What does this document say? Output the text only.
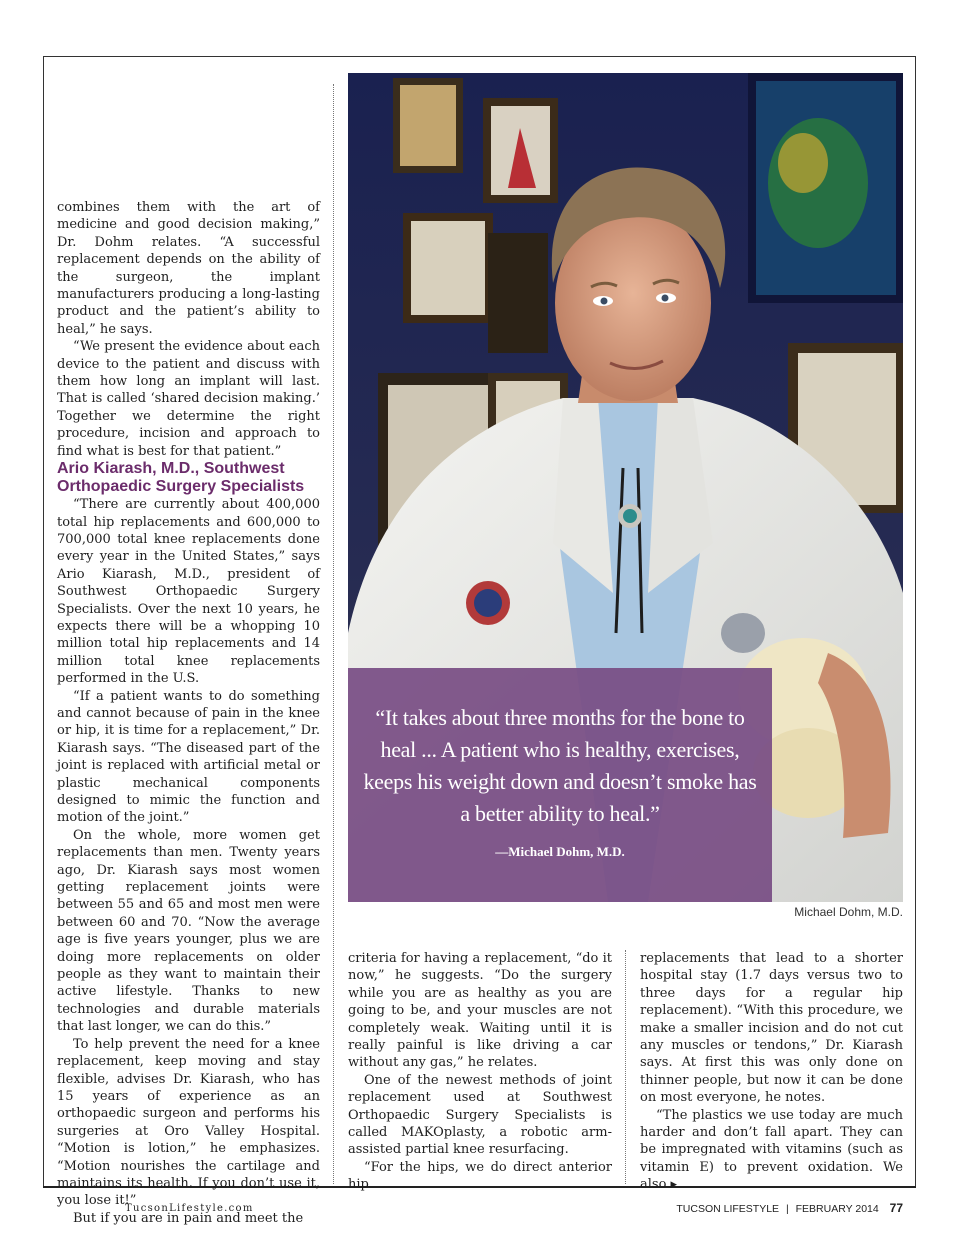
combines them with the art of medicine and good decision making,” Dr. Dohm relates. “A successful replacement depends on the ability of the surgeon, the implant manufacturers producing a long-lasting product and the patient’s ability to heal,” he says.

“We present the evidence about each device to the patient and discuss with them how long an implant will last. That is called ‘shared decision making.’ Together we determine the right procedure, incision and approach to find what is best for that patient.”

Ario Kiarash, M.D., Southwest Orthopaedic Surgery Specialists

“There are currently about 400,000 total hip replacements and 600,000 to 700,000 total knee replacements done every year in the United States,” says Ario Kiarash, M.D., president of Southwest Orthopaedic Surgery Specialists. Over the next 10 years, he expects there will be a whopping 10 million total hip replacements and 14 million total knee replacements performed in the U.S.

“If a patient wants to do something and cannot because of pain in the knee or hip, it is time for a replacement,” Dr. Kiarash says. “The diseased part of the joint is replaced with artificial metal or plastic mechanical components designed to mimic the function and motion of the joint.”

On the whole, more women get replacements than men. Twenty years ago, Dr. Kiarash says most women getting replacement joints were between 55 and 65 and most men were between 60 and 70. “Now the average age is five years younger, plus we are doing more replacements on older people as they want to maintain their active lifestyle. Thanks to new technologies and durable materials that last longer, we can do this.”

To help prevent the need for a knee replacement, keep moving and stay flexible, advises Dr. Kiarash, who has 15 years of experience as an orthopaedic surgeon and performs his surgeries at Oro Valley Hospital. “Motion is lotion,” he emphasizes. “Motion nourishes the cartilage and maintains its health. If you don’t use it, you lose it!”

But if you are in pain and meet the

“It takes about three months for the bone to heal ... A patient who is healthy, exercises, keeps his weight down and doesn’t smoke has a better ability to heal.”
—Michael Dohm, M.D.
Michael Dohm, M.D.

criteria for having a replacement, “do it now,” he suggests. “Do the surgery while you are as healthy as you are going to be, and your muscles are not completely weak. Waiting until it is really painful is like driving a car without any gas,” he relates.

One of the newest methods of joint replacement used at Southwest Orthopaedic Surgery Specialists is called MAKOplasty, a robotic arm-assisted partial knee resurfacing.

“For the hips, we do direct anterior hip

replacements that lead to a shorter hospital stay (1.7 days versus two to three days for a regular hip replacement). “With this procedure, we make a smaller incision and do not cut any muscles or tendons,” Dr. Kiarash says. At first this was only done on thinner people, but now it can be done on most everyone, he notes.

“The plastics we use today are much harder and don’t fall apart. They can be impregnated with vitamins (such as vitamin E) to prevent oxidation. We also ▸

TucsonLifestyle.com	TUCSON LIFESTYLE | FEBRUARY 2014 77
